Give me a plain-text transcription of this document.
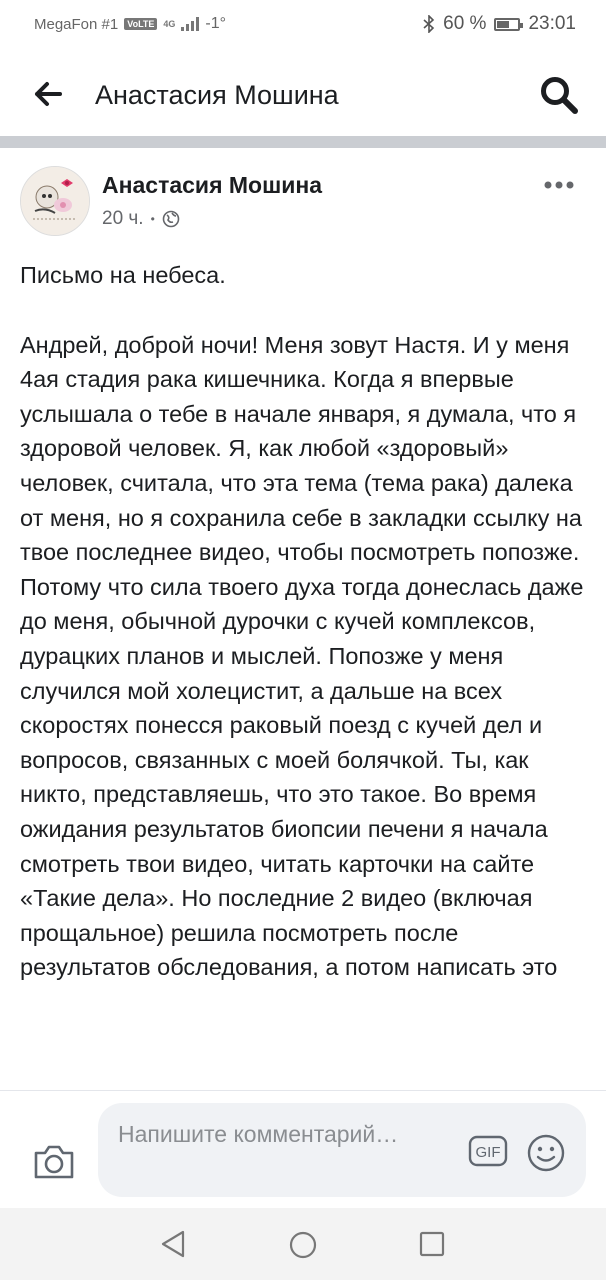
MegaFon #1	VoLTE	4G -1°	60 % 23:01
Анастасия Мошина
Анастасия Мошина
20 ч. •

Письмо на небеса.

Андрей, доброй ночи! Меня зовут Настя. И у меня 4ая стадия рака кишечника. Когда я впервые услышала о тебе в начале января, я думала, что я здоровой человек. Я, как любой «здоровый» человек, считала, что эта тема (тема рака) далека от меня, но я сохранила себе в закладки ссылку на твое последнее видео, чтобы посмотреть попозже. Потому что сила твоего духа тогда донеслась даже до меня, обычной дурочки с кучей комплексов, дурацких планов и мыслей. Попозже у меня случился мой холецистит, а дальше на всех скоростях понесся раковый поезд с кучей дел и вопросов, связанных с моей болячкой. Ты, как никто, представляешь, что это такое. Во время ожидания результатов биопсии печени я начала смотреть твои видео, читать карточки на сайте «Такие дела». Но последние 2 видео (включая прощальное) решила посмотреть после результатов обследования, а потом написать это

Напишите комментарий…
GIF
